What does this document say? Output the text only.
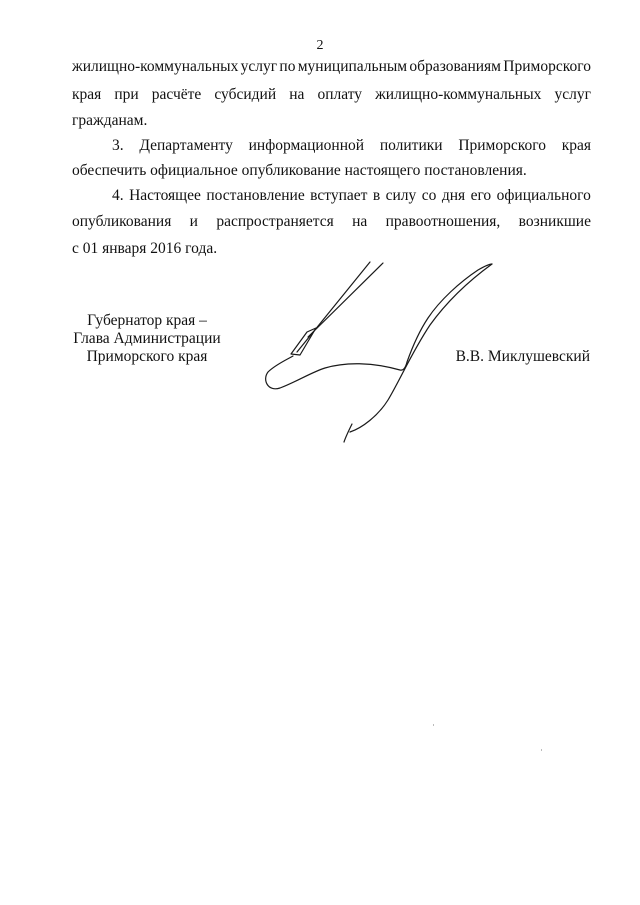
2
жилищно-коммунальных услуг по муниципальным образованиям Приморского
края при расчёте субсидий на оплату жилищно-коммунальных услуг
гражданам.
3. Департаменту информационной политики Приморского края
обеспечить официальное опубликование настоящего постановления.
4. Настоящее постановление вступает в силу со дня его официального
опубликования и распространяется на правоотношения, возникшие
с 01 января 2016 года.
Губернатор края –
Глава Администрации
Приморского края	В.В. Миклушевский
